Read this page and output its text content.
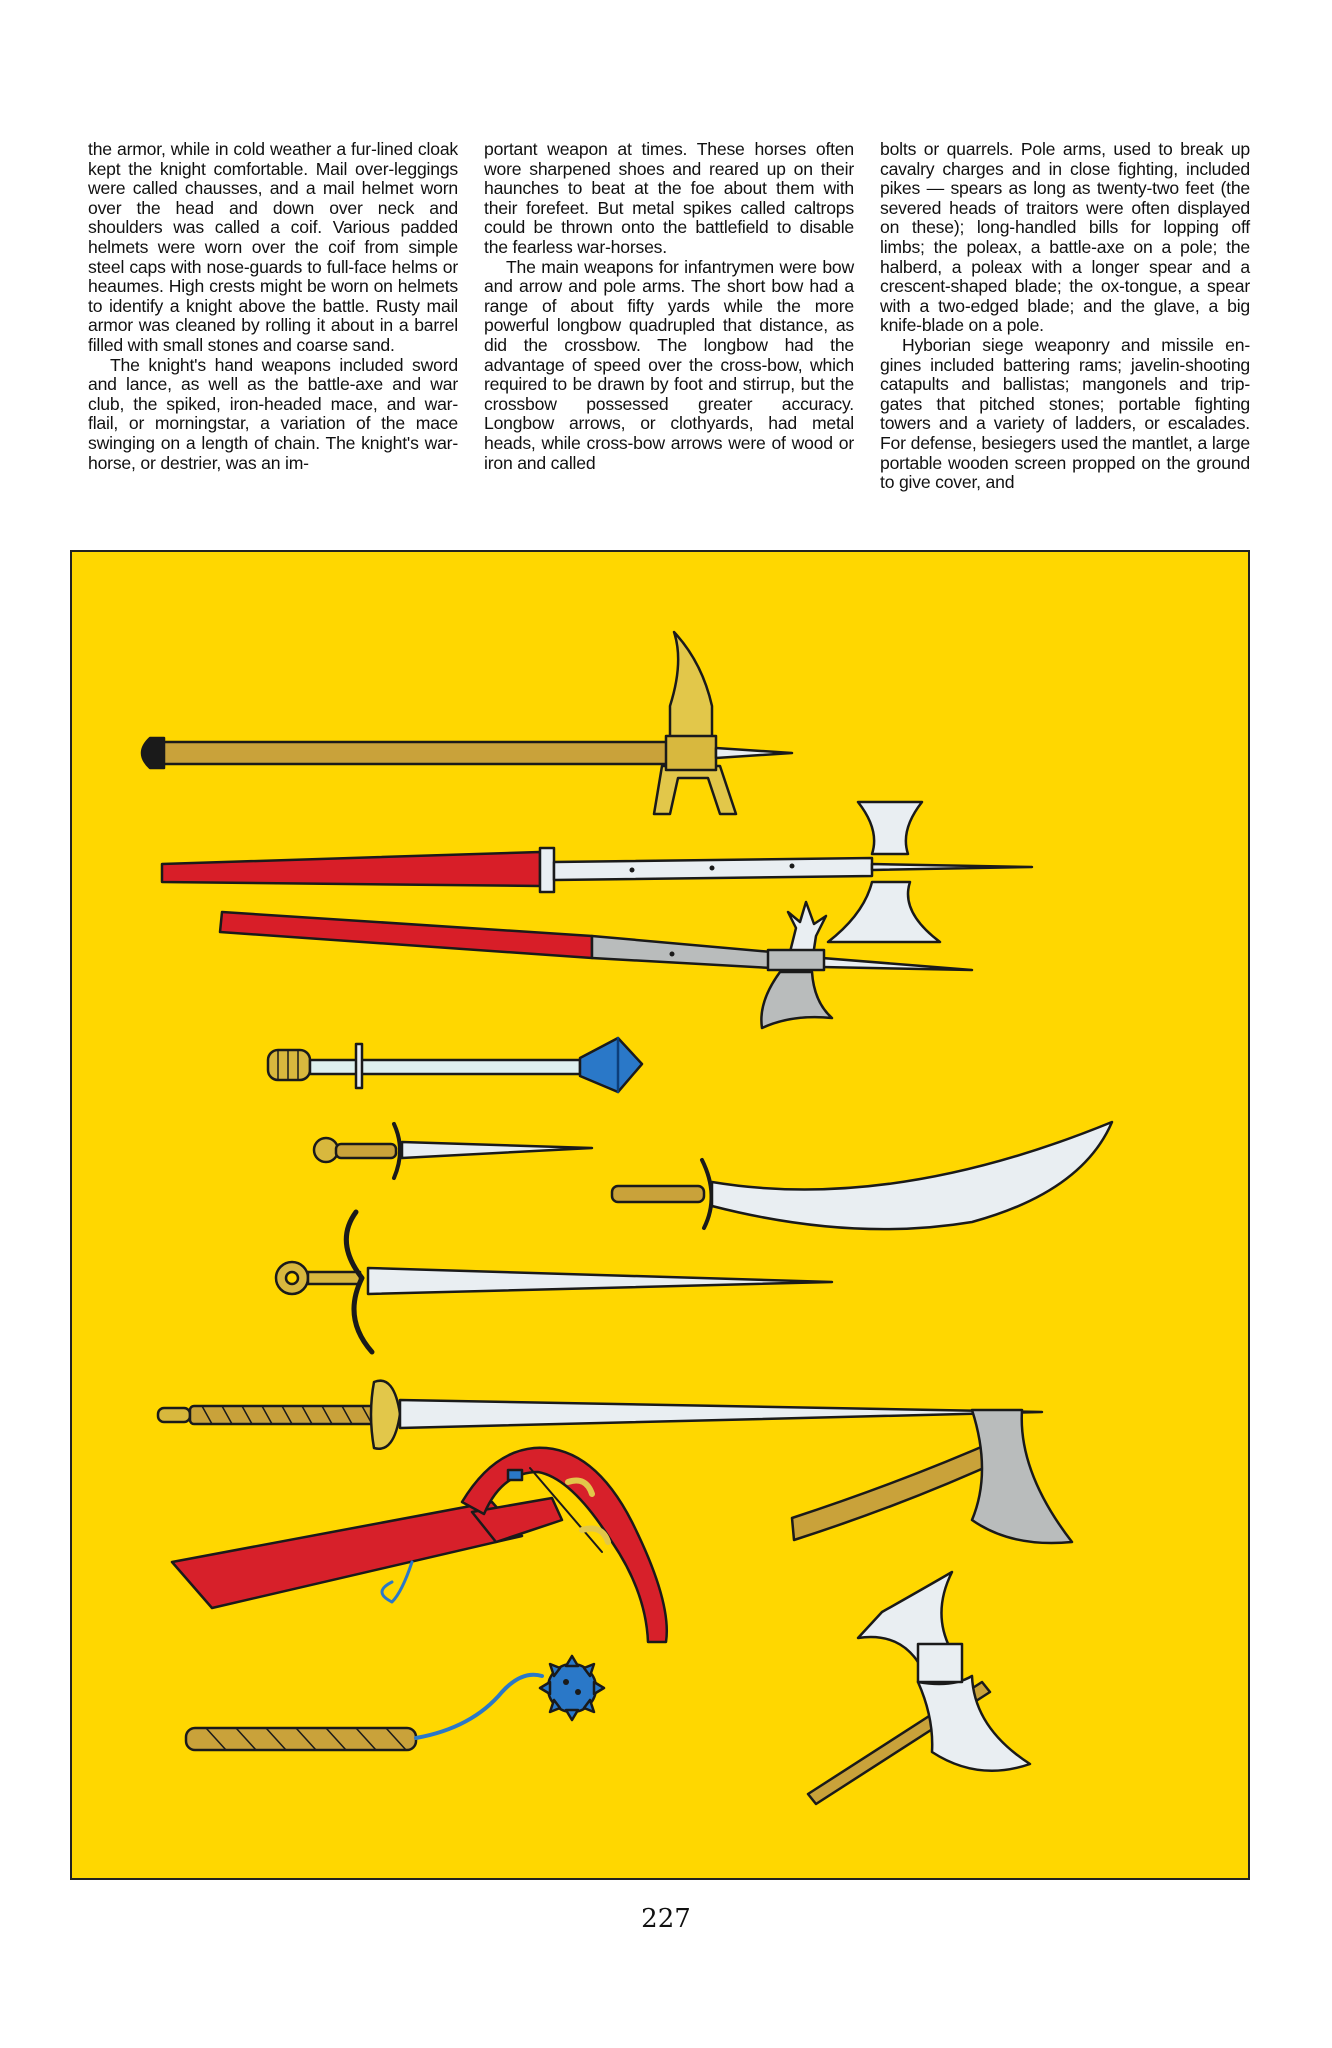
the armor, while in cold weather a fur-lined cloak kept the knight comfortable. Mail over-leggings were called chausses, and a mail helmet worn over the head and down over neck and shoulders was called a coif. Various padded helmets were worn over the coif from simple steel caps with nose-guards to full-face helms or heaumes. High crests might be worn on helmets to identify a knight above the battle. Rusty mail armor was cleaned by rolling it about in a barrel filled with small stones and coarse sand.

The knight's hand weapons included sword and lance, as well as the battle-axe and war club, the spiked, iron-headed mace, and war-flail, or morningstar, a variation of the mace swinging on a length of chain. The knight's war-horse, or destrier, was an im-

portant weapon at times. These horses often wore sharpened shoes and reared up on their haunches to beat at the foe about them with their forefeet. But metal spikes called caltrops could be thrown onto the battlefield to disable the fearless war-horses.

The main weapons for infantrymen were bow and arrow and pole arms. The short bow had a range of about fifty yards while the more powerful longbow quadrupled that distance, as did the crossbow. The longbow had the advantage of speed over the cross-bow, which required to be drawn by foot and stirrup, but the crossbow possessed greater accuracy. Longbow arrows, or clothyards, had metal heads, while cross-bow arrows were of wood or iron and called

bolts or quarrels. Pole arms, used to break up cavalry charges and in close fighting, included pikes — spears as long as twenty-two feet (the severed heads of traitors were often displayed on these); long-handled bills for lopping off limbs; the poleax, a battle-axe on a pole; the halberd, a poleax with a longer spear and a crescent-shaped blade; the ox-tongue, a spear with a two-edged blade; and the glave, a big knife-blade on a pole.

Hyborian siege weaponry and missile en-gines included battering rams; javelin-shooting catapults and ballistas; mangonels and trip-gates that pitched stones; portable fighting towers and a variety of ladders, or escalades. For defense, besiegers used the mantlet, a large portable wooden screen propped on the ground to give cover, and

227
